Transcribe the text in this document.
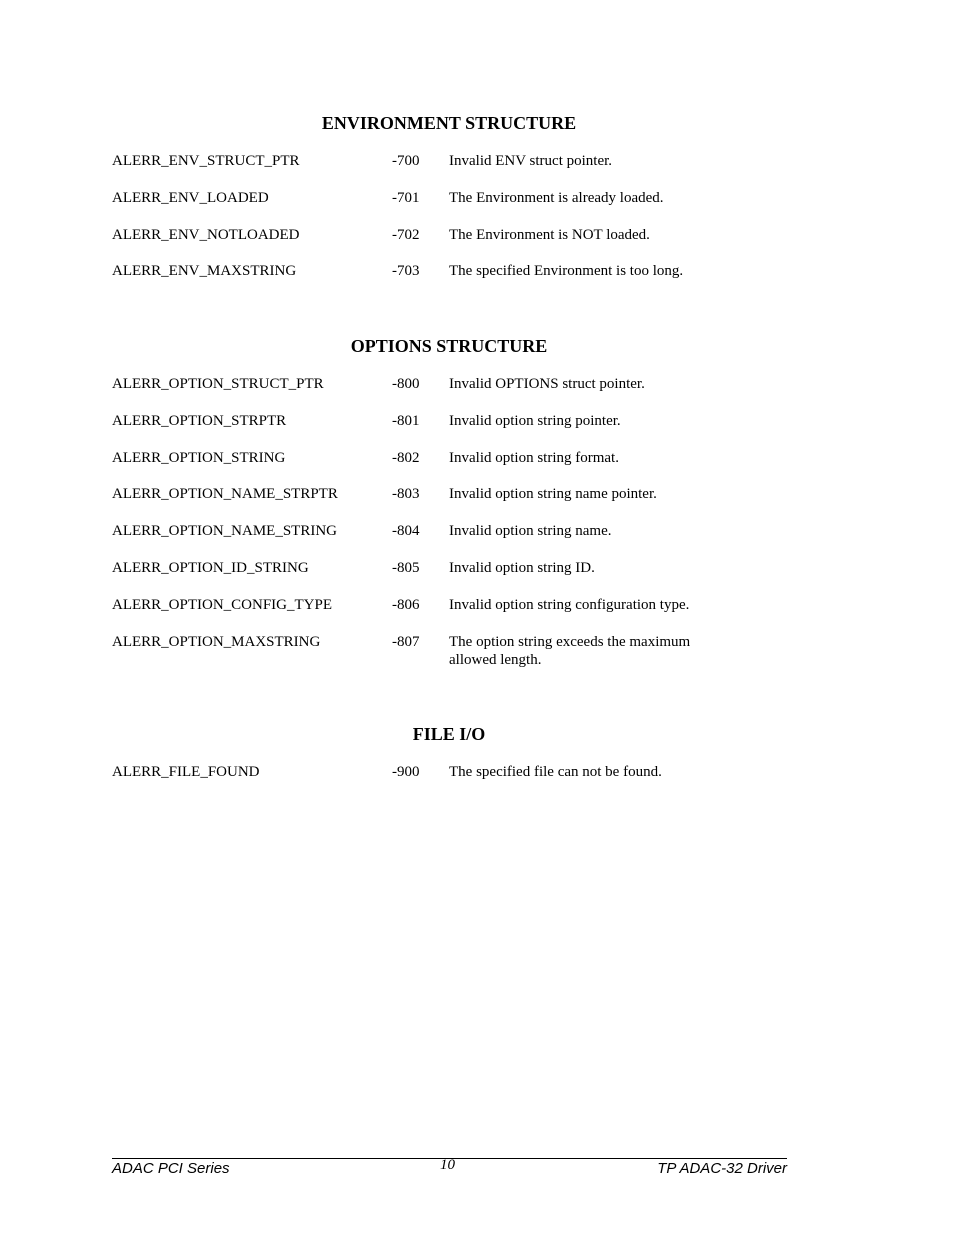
ENVIRONMENT STRUCTURE
ALERR_ENV_STRUCT_PTR	-700 Invalid ENV struct pointer.
ALERR_ENV_LOADED	-701 The Environment is already loaded.
ALERR_ENV_NOTLOADED	-702 The Environment is NOT loaded.
ALERR_ENV_MAXSTRING	-703 The specified Environment is too long.
OPTIONS STRUCTURE
ALERR_OPTION_STRUCT_PTR	-800 Invalid OPTIONS struct pointer.
ALERR_OPTION_STRPTR	-801 Invalid option string pointer.
ALERR_OPTION_STRING	-802 Invalid option string format.
ALERR_OPTION_NAME_STRPTR	-803 Invalid option string name pointer.
ALERR_OPTION_NAME_STRING	-804 Invalid option string name.
ALERR_OPTION_ID_STRING	-805 Invalid option string ID.
ALERR_OPTION_CONFIG_TYPE	-806 Invalid option string configuration type.
ALERR_OPTION_MAXSTRING	-807 The option string exceeds the maximum allowed length.
FILE I/O
ALERR_FILE_FOUND	-900 The specified file can not be found.
ADAC PCI Series	10	TP ADAC-32 Driver
